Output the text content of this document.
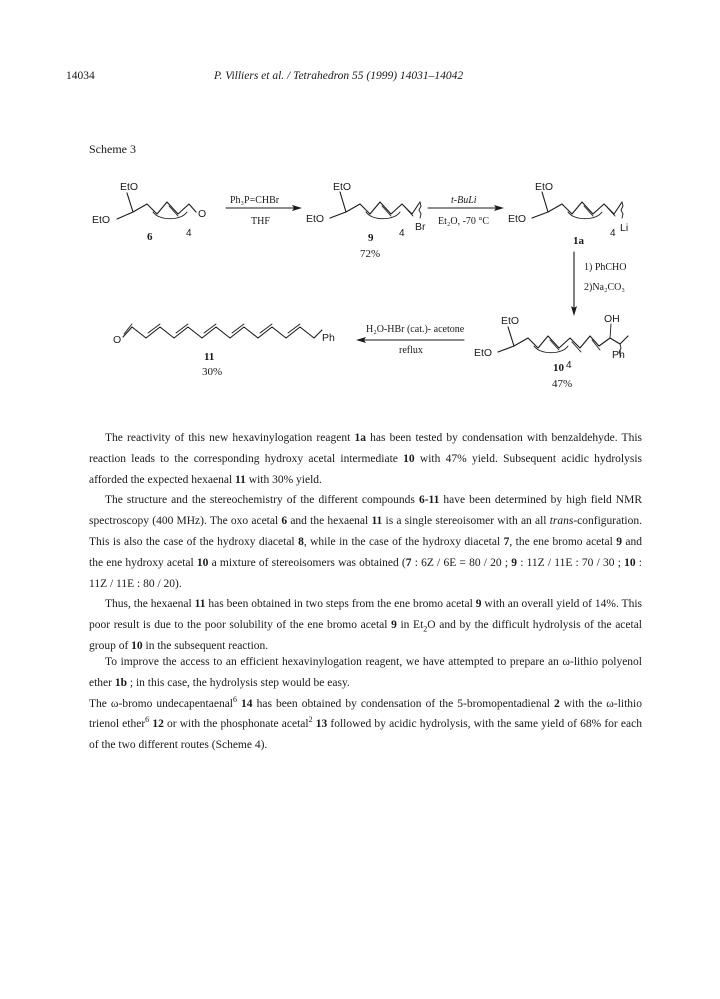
14034	P. Villiers et al. / Tetrahedron 55 (1999) 14031–14042
Scheme 3
EtO
EtO	O
4
6
Ph₃P=CHBr
THF
EtO
EtO
4
Br
9
72%
t-BuLi
Et₂O, -70 °C
EtO
EtO
4 Li
1a
1) PhCHO
2)Na₂CO₃
EtO
EtO
OH
Ph
4
10
47%
H₂O-HBr (cat.)- acetone
reflux
O	Ph
11
30%

The reactivity of this new hexavinylogation reagent 1a has been tested by condensation with benzaldehyde. This reaction leads to the corresponding hydroxy acetal intermediate 10 with 47% yield. Subsequent acidic hydrolysis afforded the expected hexaenal 11 with 30% yield.

The structure and the stereochemistry of the different compounds 6-11 have been determined by high field NMR spectroscopy (400 MHz). The oxo acetal 6 and the hexaenal 11 is a single stereoisomer with an all trans-configuration. This is also the case of the hydroxy diacetal 8, while in the case of the hydroxy diacetal 7, the ene bromo acetal 9 and the ene hydroxy acetal 10 a mixture of stereoisomers was obtained (7 : 6Z / 6E = 80 / 20 ; 9 : 11Z / 11E : 70 / 30 ; 10 : 11Z / 11E : 80 / 20).

Thus, the hexaenal 11 has been obtained in two steps from the ene bromo acetal 9 with an overall yield of 14%. This poor result is due to the poor solubility of the ene bromo acetal 9 in $Et_2O$ and by the difficult hydrolysis of the acetal group of 10 in the subsequent reaction.

To improve the access to an efficient hexavinylogation reagent, we have attempted to prepare an ω-lithio polyenol ether 1b ; in this case, the hydrolysis step would be easy.

The ω-bromo undecapentaenal$^6$ 14 has been obtained by condensation of the 5-bromopentadienal 2 with the ω-lithio trienol ether$^6$ 12 or with the phosphonate acetal$^2$ 13 followed by acidic hydrolysis, with the same yield of 68% for each of the two different routes (Scheme 4).
